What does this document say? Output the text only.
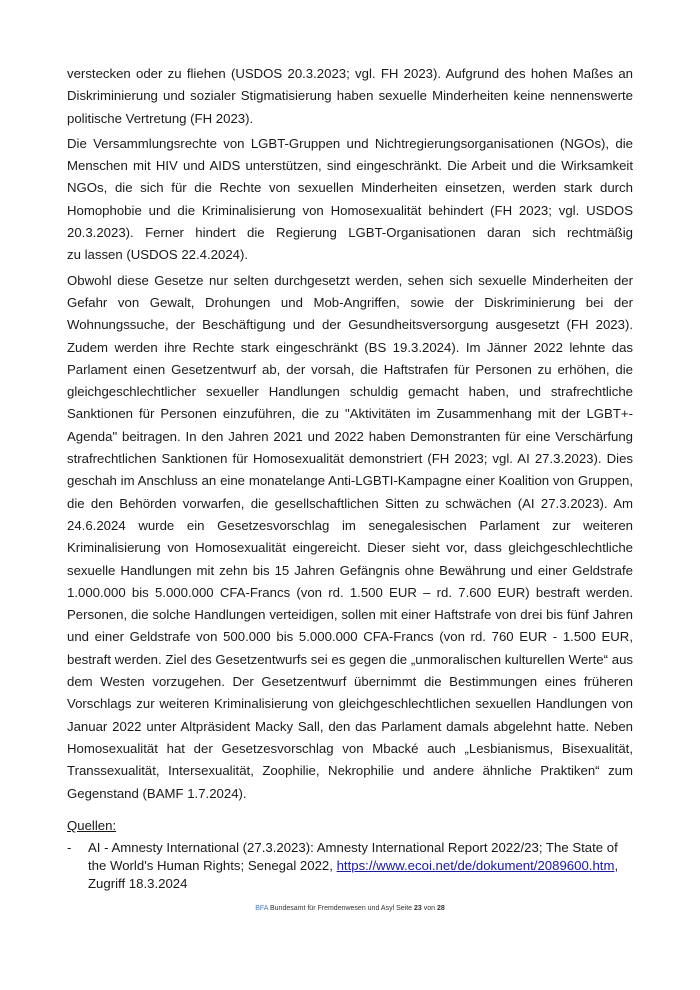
verstecken oder zu fliehen (USDOS 20.3.2023; vgl. FH 2023). Aufgrund des hohen Maßes an
Diskriminierung und sozialer Stigmatisierung haben sexuelle Minderheiten keine nennenswerte
politische Vertretung (FH 2023).
Die Versammlungsrechte von LGBT-Gruppen und Nichtregierungsorganisationen (NGOs), die
Menschen mit HIV und AIDS unterstützen, sind eingeschränkt. Die Arbeit und die Wirksamkeit
NGOs, die sich für die Rechte von sexuellen Minderheiten einsetzen, werden stark durch
Homophobie und die Kriminalisierung von Homosexualität behindert (FH 2023; vgl. USDOS
20.3.2023). Ferner hindert die Regierung LGBT-Organisationen daran sich rechtmäßig
zu lassen (USDOS 22.4.2024).
Obwohl diese Gesetze nur selten durchgesetzt werden, sehen sich sexuelle Minderheiten der
Gefahr von Gewalt, Drohungen und Mob-Angriffen, sowie der Diskriminierung bei der
Wohnungssuche, der Beschäftigung und der Gesundheitsversorgung ausgesetzt (FH 2023).
Zudem werden ihre Rechte stark eingeschränkt (BS 19.3.2024). Im Jänner 2022 lehnte das
Parlament einen Gesetzentwurf ab, der vorsah, die Haftstrafen für Personen zu erhöhen, die
gleichgeschlechtlicher sexueller Handlungen schuldig gemacht haben, und strafrechtliche
Sanktionen für Personen einzuführen, die zu "Aktivitäten im Zusammenhang mit der LGBT+-
Agenda" beitragen. In den Jahren 2021 und 2022 haben Demonstranten für eine Verschärfung
strafrechtlichen Sanktionen für Homosexualität demonstriert (FH 2023; vgl. AI 27.3.2023). Dies
geschah im Anschluss an eine monatelange Anti-LGBTI-Kampagne einer Koalition von Gruppen,
die den Behörden vorwarfen, die gesellschaftlichen Sitten zu schwächen (AI 27.3.2023). Am
24.6.2024 wurde ein Gesetzesvorschlag im senegalesischen Parlament zur weiteren
Kriminalisierung von Homosexualität eingereicht. Dieser sieht vor, dass gleichgeschlechtliche
sexuelle Handlungen mit zehn bis 15 Jahren Gefängnis ohne Bewährung und einer Geldstrafe
1.000.000 bis 5.000.000 CFA-Francs (von rd. 1.500 EUR – rd. 7.600 EUR) bestraft werden.
Personen, die solche Handlungen verteidigen, sollen mit einer Haftstrafe von drei bis fünf Jahren
und einer Geldstrafe von 500.000 bis 5.000.000 CFA-Francs (von rd. 760 EUR - 1.500 EUR,
bestraft werden. Ziel des Gesetzentwurfs sei es gegen die „unmoralischen kulturellen Werte“ aus
dem Westen vorzugehen. Der Gesetzentwurf übernimmt die Bestimmungen eines früheren
Vorschlags zur weiteren Kriminalisierung von gleichgeschlechtlichen sexuellen Handlungen von
Januar 2022 unter Altpräsident Macky Sall, den das Parlament damals abgelehnt hatte. Neben
Homosexualität hat der Gesetzesvorschlag von Mbacké auch „Lesbianismus, Bisexualität,
Transsexualität, Intersexualität, Zoophilie, Nekrophilie und andere ähnliche Praktiken“ zum
Gegenstand (BAMF 1.7.2024).
Quellen:
- AI - Amnesty International (27.3.2023): Amnesty International Report 2022/23; The State of the World's Human Rights; Senegal 2022, https://www.ecoi.net/de/dokument/2089600.htm, Zugriff 18.3.2024
BFA Bundesamt für Fremdenwesen und Asyl Seite 23 von 28
